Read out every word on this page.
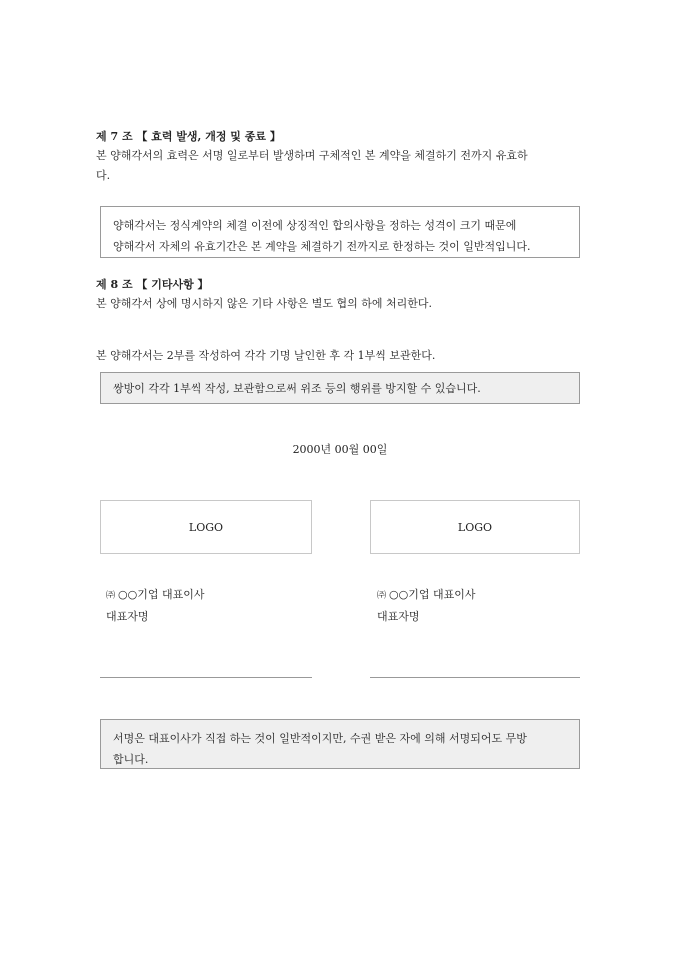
제 7 조 【 효력 발생, 개정 및 종료 】
본 양해각서의 효력은 서명 일로부터 발생하며 구체적인 본 계약을 체결하기 전까지 유효하
다.
양해각서는 정식계약의 체결 이전에 상징적인 합의사항을 정하는 성격이 크기 때문에
양해각서 자체의 유효기간은 본 계약을 체결하기 전까지로 한정하는 것이 일반적입니다.
제 8 조 【 기타사항 】
본 양해각서 상에 명시하지 않은 기타 사항은 별도 협의 하에 처리한다.
본 양해각서는 2부를 작성하여 각각 기명 날인한 후 각 1부씩 보관한다.
쌍방이 각각 1부씩 작성, 보관함으로써 위조 등의 행위를 방지할 수 있습니다.
2000년 00월 00일
LOGO
㈜ ○○기업 대표이사
대표자명
LOGO
㈜ ○○기업 대표이사
대표자명
서명은 대표이사가 직접 하는 것이 일반적이지만, 수권 받은 자에 의해 서명되어도 무방
합니다.
